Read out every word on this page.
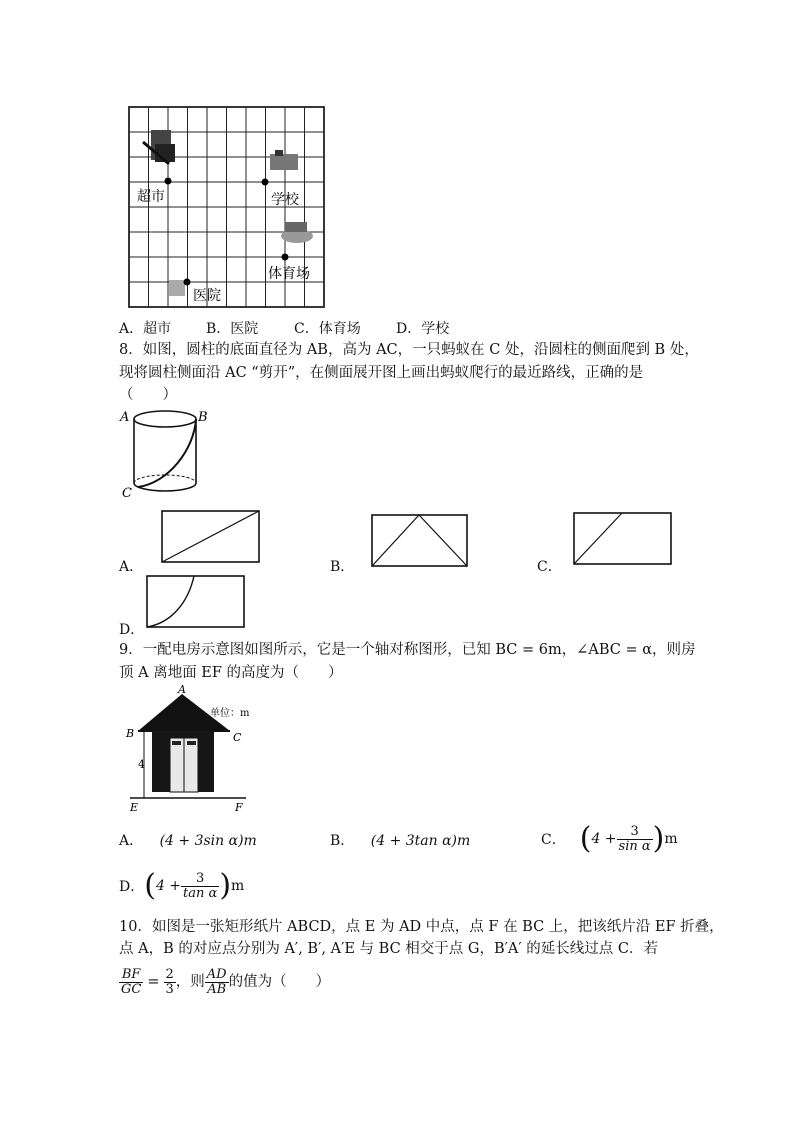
超市	学校
体育场
医院
A．超市 B．医院	C．体育场	D．学校
8．如图，圆柱的底面直径为 AB，高为 AC，一只蚂蚁在 C 处，沿圆柱的侧面爬到 B 处，
现将圆柱侧面沿 AC “剪开”，在侧面展开图上画出蚂蚁爬行的最近路线，正确的是
（　　）
A	B
C
A．	B．	C．
D．
9．一配电房示意图如图所示，它是一个轴对称图形，已知 BC = 6m，∠ABC = α，则房
顶 A 离地面 EF 的高度为（　　）
4
A
B	C
E	F
单位：m
A． (4 + 3sin α)m	B． (4 + 3tan α)m	C． ( $4 + \frac{3}{\text{sin α}}$ ) m
D． ( $4 + \frac{3}{\text{tan α}}$ ) m
10．如图是一张矩形纸片 ABCD，点 E 为 AD 中点，点 F 在 BC 上，把该纸片沿 EF 折叠，
点 A，B 的对应点分别为 A′, B′, A′E 与 BC 相交于点 G，B′A′ 的延长线过点 C．若
$\frac{BF}{GC} = \frac{2}{3}$ ，则 $\frac{AD}{AB}$ 的值为（　　）
